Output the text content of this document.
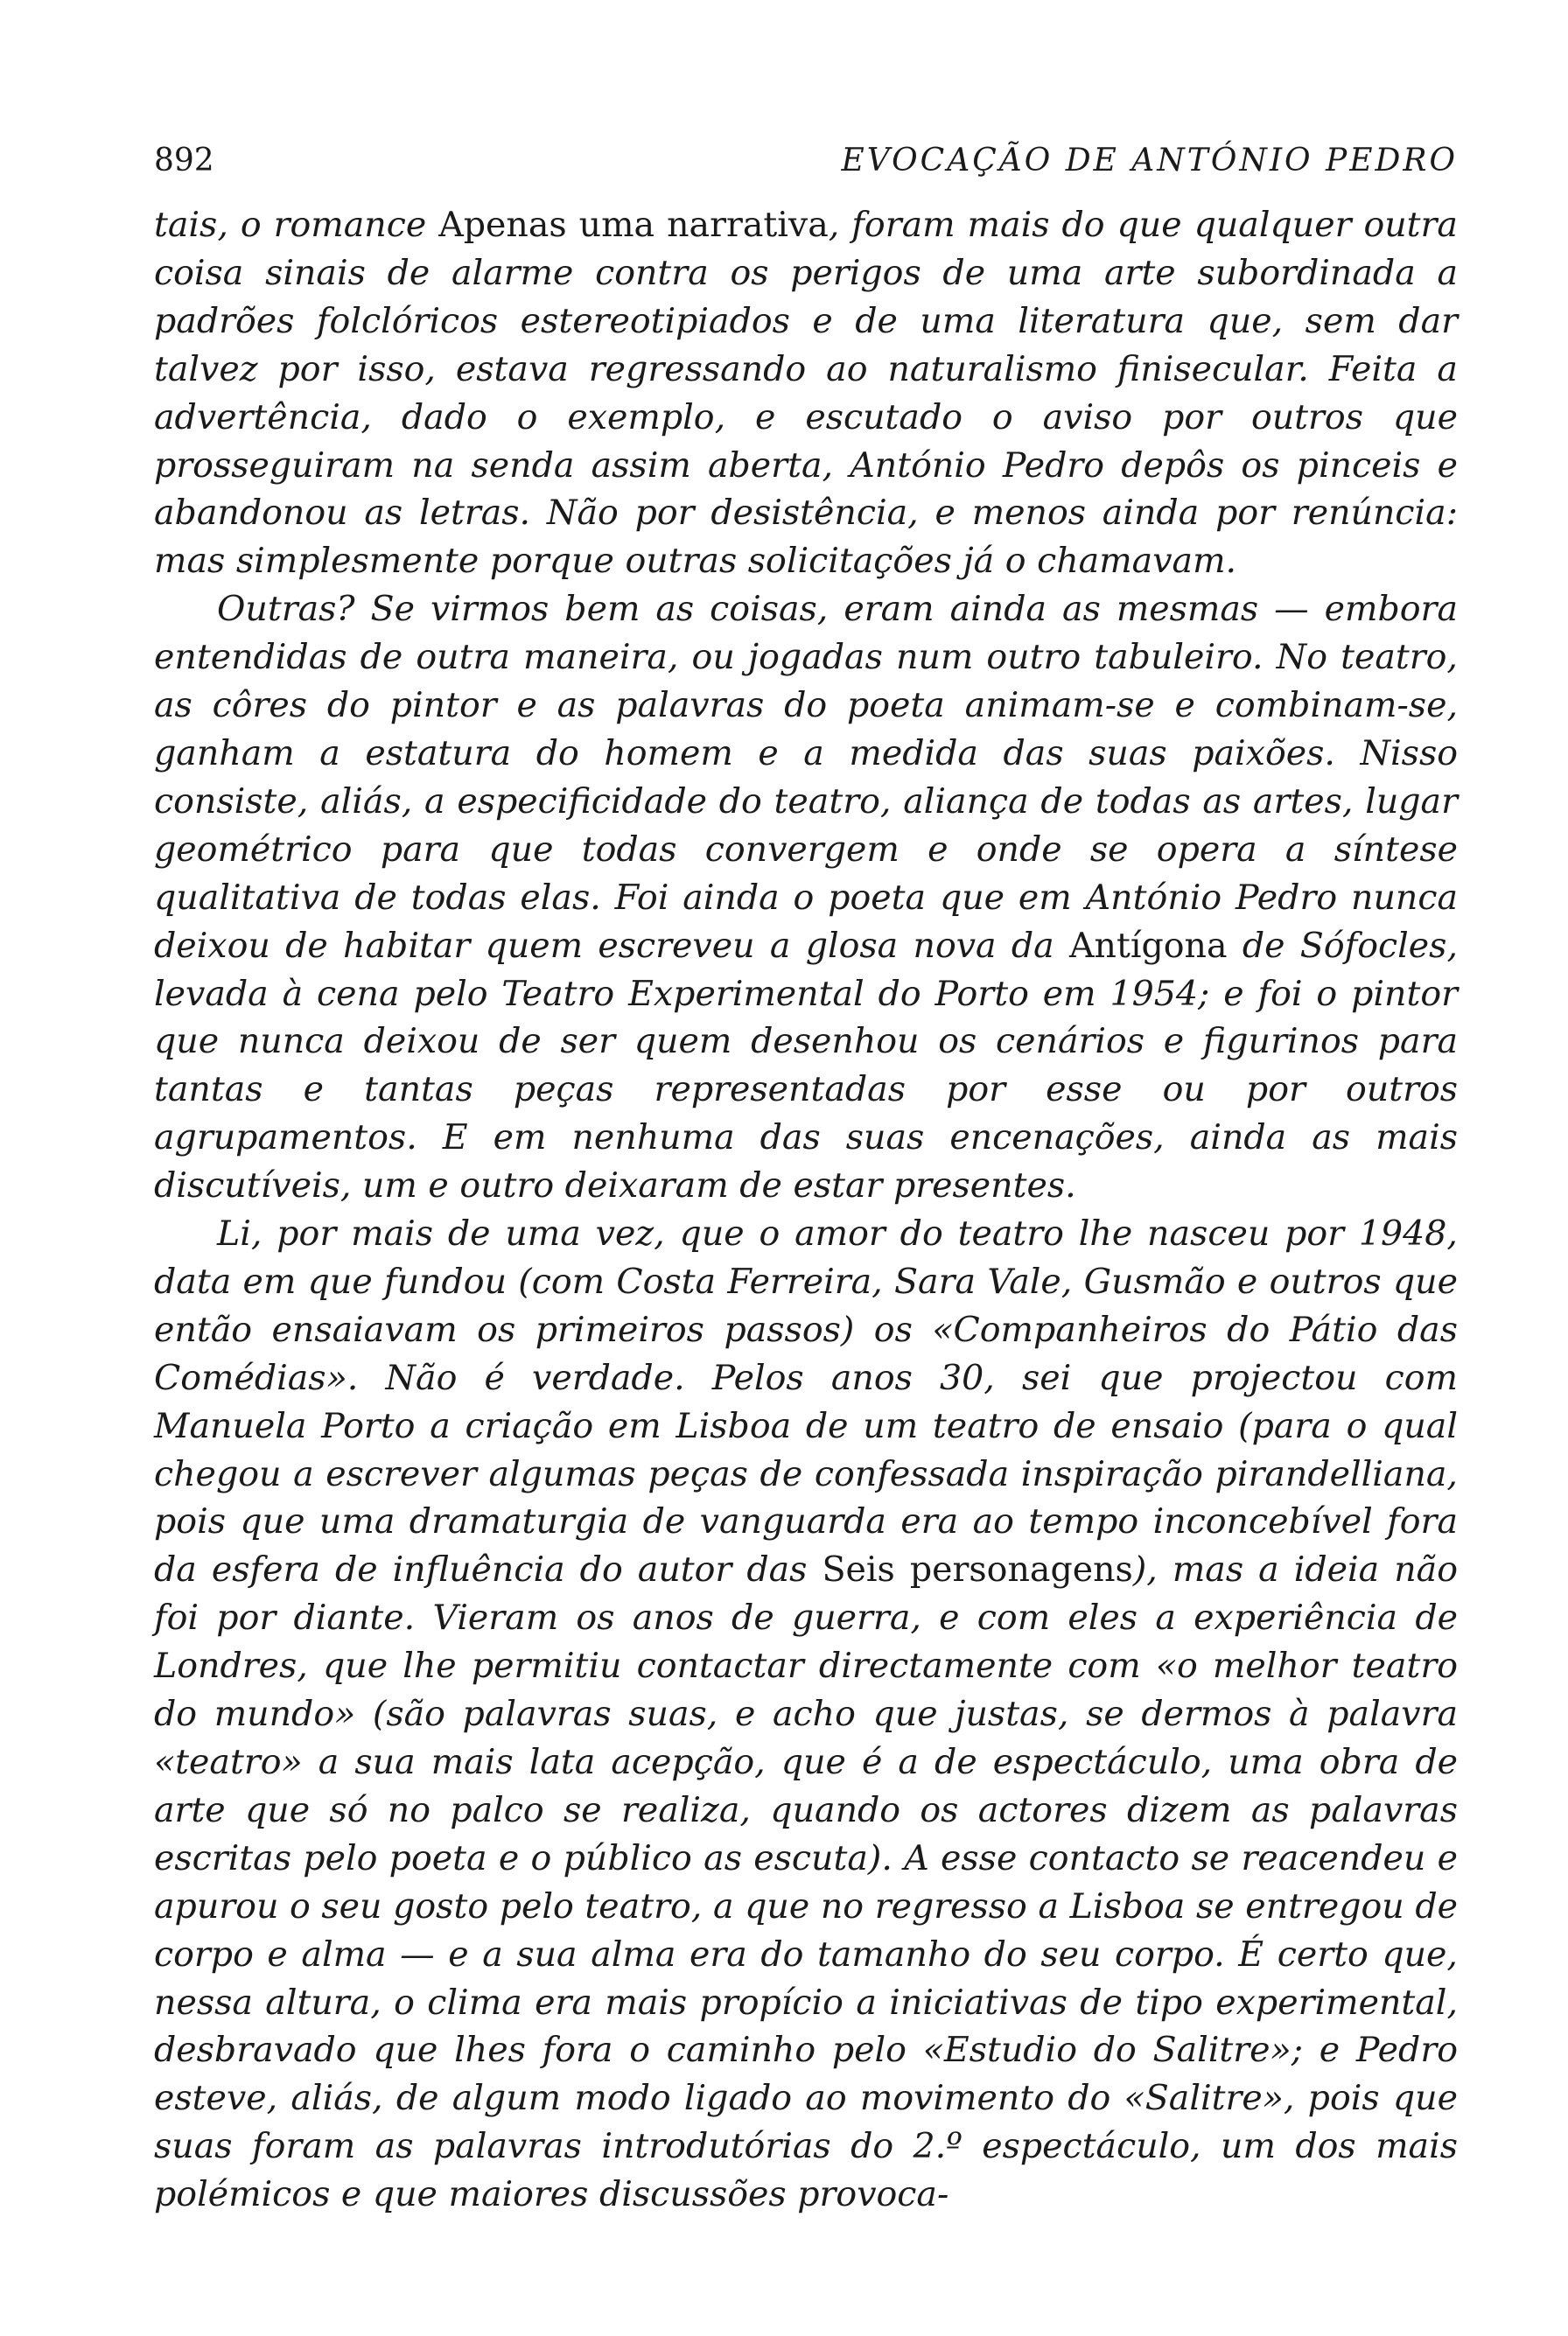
892	EVOCAÇÃO DE ANTÓNIO PEDRO

tais, o romance Apenas uma narrativa, foram mais do que qualquer outra coisa sinais de alarme contra os perigos de uma arte subordinada a padrões folclóricos estereotipiados e de uma literatura que, sem dar talvez por isso, estava regressando ao naturalismo finisecular. Feita a advertência, dado o exemplo, e escutado o aviso por outros que prosseguiram na senda assim aberta, António Pedro depôs os pinceis e abandonou as letras. Não por desistência, e menos ainda por renúncia: mas simplesmente porque outras solicitações já o chamavam.

Outras? Se virmos bem as coisas, eram ainda as mesmas — embora entendidas de outra maneira, ou jogadas num outro tabuleiro. No teatro, as côres do pintor e as palavras do poeta animam-se e combinam-se, ganham a estatura do homem e a medida das suas paixões. Nisso consiste, aliás, a especificidade do teatro, aliança de todas as artes, lugar geométrico para que todas convergem e onde se opera a síntese qualitativa de todas elas. Foi ainda o poeta que em António Pedro nunca deixou de habitar quem escreveu a glosa nova da Antígona de Sófocles, levada à cena pelo Teatro Experimental do Porto em 1954; e foi o pintor que nunca deixou de ser quem desenhou os cenários e figurinos para tantas e tantas peças representadas por esse ou por outros agrupamentos. E em nenhuma das suas encenações, ainda as mais discutíveis, um e outro deixaram de estar presentes.

Li, por mais de uma vez, que o amor do teatro lhe nasceu por 1948, data em que fundou (com Costa Ferreira, Sara Vale, Gusmão e outros que então ensaiavam os primeiros passos) os «Companheiros do Pátio das Comédias». Não é verdade. Pelos anos 30, sei que projectou com Manuela Porto a criação em Lisboa de um teatro de ensaio (para o qual chegou a escrever algumas peças de confessada inspiração pirandelliana, pois que uma dramaturgia de vanguarda era ao tempo inconcebível fora da esfera de influência do autor das Seis personagens), mas a ideia não foi por diante. Vieram os anos de guerra, e com eles a experiência de Londres, que lhe permitiu contactar directamente com «o melhor teatro do mundo» (são palavras suas, e acho que justas, se dermos à palavra «teatro» a sua mais lata acepção, que é a de espectáculo, uma obra de arte que só no palco se realiza, quando os actores dizem as palavras escritas pelo poeta e o público as escuta). A esse contacto se reacendeu e apurou o seu gosto pelo teatro, a que no regresso a Lisboa se entregou de corpo e alma — e a sua alma era do tamanho do seu corpo. É certo que, nessa altura, o clima era mais propício a iniciativas de tipo experimental, desbravado que lhes fora o caminho pelo «Estudio do Salitre»; e Pedro esteve, aliás, de algum modo ligado ao movimento do «Salitre», pois que suas foram as palavras introdutórias do 2.º espectáculo, um dos mais polémicos e que maiores discussões provoca-
